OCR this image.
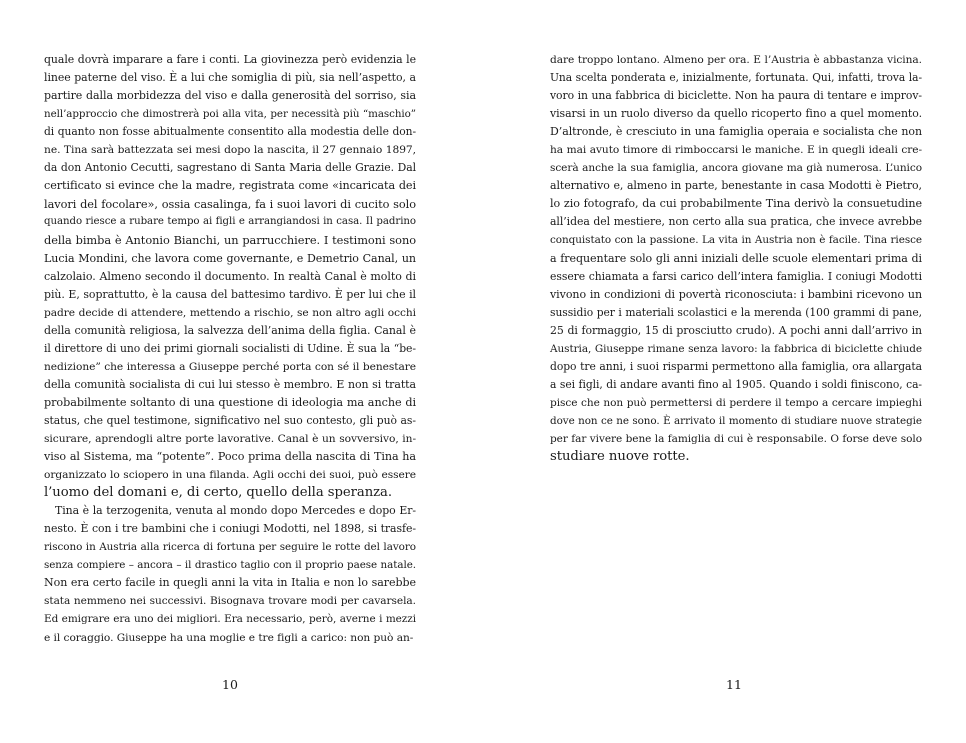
quale dovrà imparare a fare i conti. La giovinezza però evidenzia le
linee paterne del viso. È a lui che somiglia di più, sia nell’aspetto, a
partire dalla morbidezza del viso e dalla generosità del sorriso, sia
nell’approccio che dimostrerà poi alla vita, per necessità più “maschio”
di quanto non fosse abitualmente consentito alla modestia delle don-
ne. Tina sarà battezzata sei mesi dopo la nascita, il 27 gennaio 1897,
da don Antonio Cecutti, sagrestano di Santa Maria delle Grazie. Dal
certificato si evince che la madre, registrata come «incaricata dei
lavori del focolare», ossia casalinga, fa i suoi lavori di cucito solo
quando riesce a rubare tempo ai figli e arrangiandosi in casa. Il padrino
della bimba è Antonio Bianchi, un parrucchiere. I testimoni sono
Lucia Mondini, che lavora come governante, e Demetrio Canal, un
calzolaio. Almeno secondo il documento. In realtà Canal è molto di
più. E, soprattutto, è la causa del battesimo tardivo. È per lui che il
padre decide di attendere, mettendo a rischio, se non altro agli occhi
della comunità religiosa, la salvezza dell’anima della figlia. Canal è
il direttore di uno dei primi giornali socialisti di Udine. È sua la “be-
nedizione” che interessa a Giuseppe perché porta con sé il benestare
della comunità socialista di cui lui stesso è membro. E non si tratta
probabilmente soltanto di una questione di ideologia ma anche di
status, che quel testimone, significativo nel suo contesto, gli può as-
sicurare, aprendogli altre porte lavorative. Canal è un sovversivo, in-
viso al Sistema, ma “potente”. Poco prima della nascita di Tina ha
organizzato lo sciopero in una filanda. Agli occhi dei suoi, può essere
l’uomo del domani e, di certo, quello della speranza.
Tina è la terzogenita, venuta al mondo dopo Mercedes e dopo Er-
nesto. È con i tre bambini che i coniugi Modotti, nel 1898, si trasfe-
riscono in Austria alla ricerca di fortuna per seguire le rotte del lavoro
senza compiere – ancora – il drastico taglio con il proprio paese natale.
Non era certo facile in quegli anni la vita in Italia e non lo sarebbe
stata nemmeno nei successivi. Bisognava trovare modi per cavarsela.
Ed emigrare era uno dei migliori. Era necessario, però, averne i mezzi
e il coraggio. Giuseppe ha una moglie e tre figli a carico: non può an-
dare troppo lontano. Almeno per ora. E l’Austria è abbastanza vicina.
Una scelta ponderata e, inizialmente, fortunata. Qui, infatti, trova la-
voro in una fabbrica di biciclette. Non ha paura di tentare e improv-
visarsi in un ruolo diverso da quello ricoperto fino a quel momento.
D’altronde, è cresciuto in una famiglia operaia e socialista che non
ha mai avuto timore di rimboccarsi le maniche. E in quegli ideali cre-
scerà anche la sua famiglia, ancora giovane ma già numerosa. L’unico
alternativo e, almeno in parte, benestante in casa Modotti è Pietro,
lo zio fotografo, da cui probabilmente Tina derivò la consuetudine
all’idea del mestiere, non certo alla sua pratica, che invece avrebbe
conquistato con la passione. La vita in Austria non è facile. Tina riesce
a frequentare solo gli anni iniziali delle scuole elementari prima di
essere chiamata a farsi carico dell’intera famiglia. I coniugi Modotti
vivono in condizioni di povertà riconosciuta: i bambini ricevono un
sussidio per i materiali scolastici e la merenda (100 grammi di pane,
25 di formaggio, 15 di prosciutto crudo). A pochi anni dall’arrivo in
Austria, Giuseppe rimane senza lavoro: la fabbrica di biciclette chiude
dopo tre anni, i suoi risparmi permettono alla famiglia, ora allargata
a sei figli, di andare avanti fino al 1905. Quando i soldi finiscono, ca-
pisce che non può permettersi di perdere il tempo a cercare impieghi
dove non ce ne sono. È arrivato il momento di studiare nuove strategie
per far vivere bene la famiglia di cui è responsabile. O forse deve solo
studiare nuove rotte.
10	11
